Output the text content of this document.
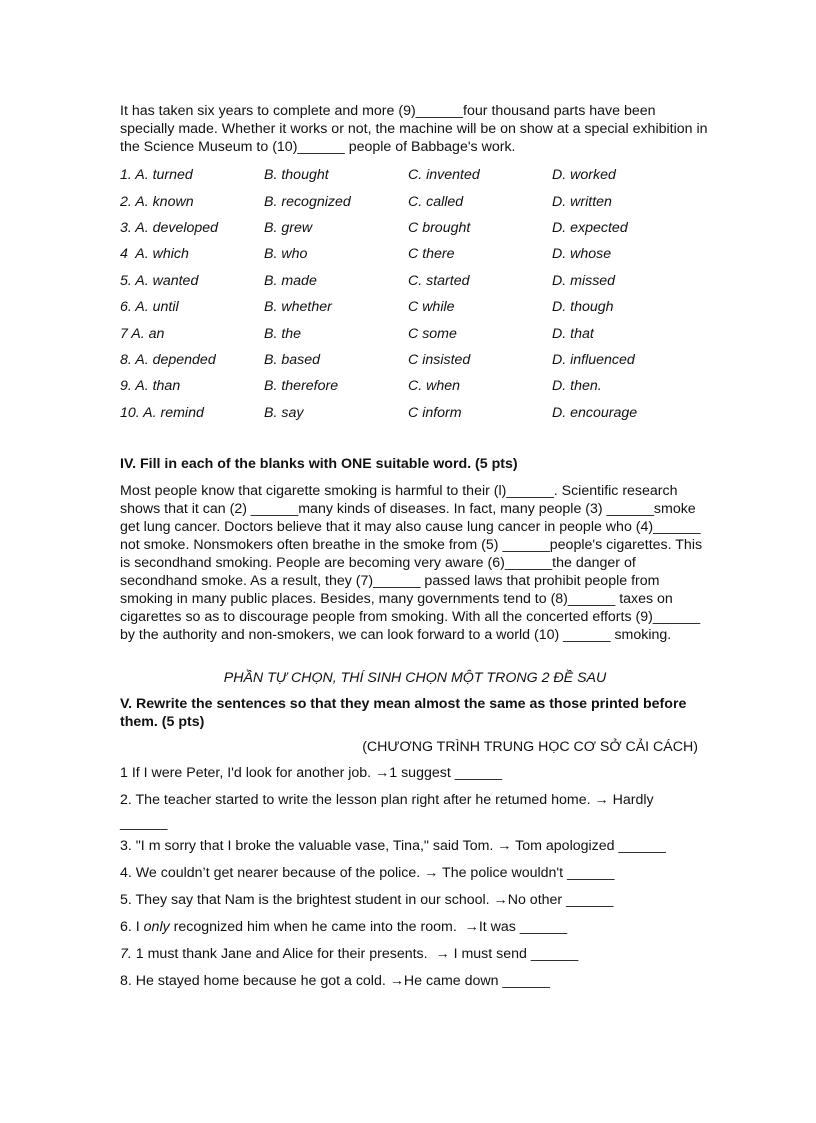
It has taken six years to complete and more (9)______four thousand parts have been specially made. Whether it works or not, the machine will be on show at a special exhibition in the Science Museum to (10)______ people of Babbage's work.

1. A. turned	B. thought	C. invented	D. worked
2. A. known	B. recognized	C. called	D. written
3. A. developed	B. grew	C brought	D. expected
4  A. which	B. who	C there	D. whose
5. A. wanted	B. made	C. started	D. missed
6. A. until	B. whether	C while	D. though
7 A. an	B. the	C some	D. that
8. A. depended	B. based	C insisted	D. influenced
9. A. than	B. therefore	C. when	D. then.
10. A. remind	B. say	C inform	D. encourage

IV. Fill in each of the blanks with ONE suitable word. (5 pts)

Most people know that cigarette smoking is harmful to their (l)______. Scientific research shows that it can (2) ______many kinds of diseases. In fact, many people (3) ______smoke get lung cancer. Doctors believe that it may also cause lung cancer in people who (4)______ not smoke. Nonsmokers often breathe in the smoke from (5) ______people's cigarettes. This is secondhand smoking. People are becoming very aware (6)______the danger of secondhand smoke. As a result, they (7)______ passed laws that prohibit people from smoking in many public places. Besides, many governments tend to (8)______ taxes on cigarettes so as to discourage people from smoking. With all the concerted efforts (9)______ by the authority and non-smokers, we can look forward to a world (10) ______ smoking.

PHẦN TỰ CHỌN, THÍ SINH CHỌN MỘT TRONG 2 ĐỀ SAU

V. Rewrite the sentences so that they mean almost the same as those printed before them. (5 pts)

(CHƯƠNG TRÌNH TRUNG HỌC CƠ SỞ CẢI CÁCH)

1 If I were Peter, I'd look for another job. →1 suggest ______

2. The teacher started to write the lesson plan right after he retumed home. → Hardly

______

3. "I m sorry that I broke the valuable vase, Tina," said Tom. → Tom apologized ______

4. We couldn’t get nearer because of the police. → The police wouldn't ______

5. They say that Nam is the brightest student in our school. →No other ______

6. I only recognized him when he came into the room.  →It was ______

7. 1 must thank Jane and Alice for their presents.  → I must send ______

8. He stayed home because he got a cold. →He came down ______
